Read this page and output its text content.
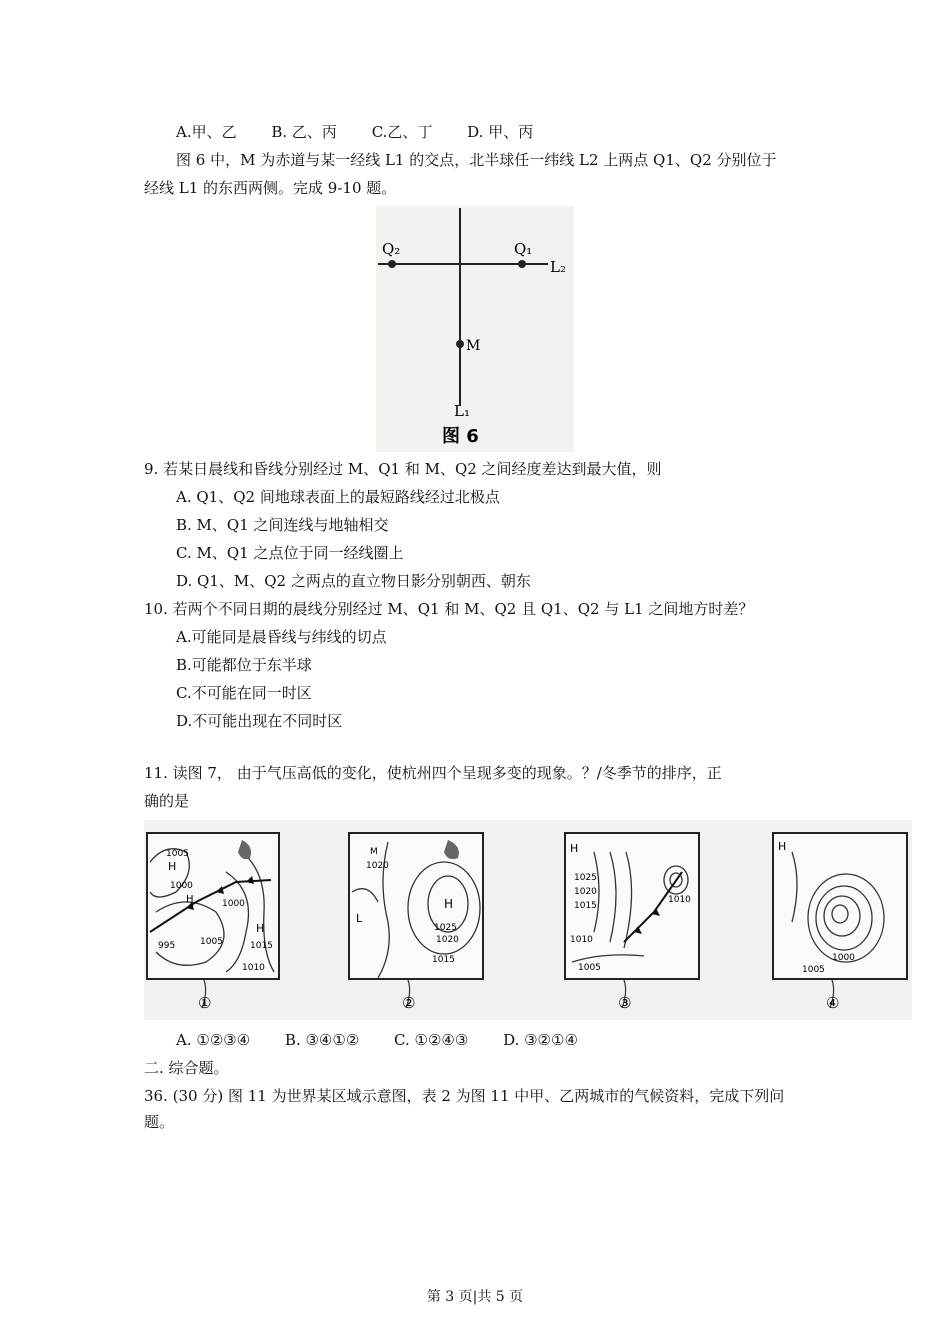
A.甲、乙　　 B. 乙、丙　　 C.乙、丁　　 D. 甲、丙
图 6 中，M 为赤道与某一经线 L1 的交点，北半球任一纬线 L2 上两点 Q1、Q2 分别位于
经线 L1 的东西两侧。完成 9-10 题。
Q₂	Q₁
L₂
M
L₁
图 6
9. 若某日晨线和昏线分别经过 M、Q1 和 M、Q2 之间经度差达到最大值，则
A. Q1、Q2 间地球表面上的最短路线经过北极点
B. M、Q1 之间连线与地轴相交
C. M、Q1 之点位于同一经线圈上
D. Q1、M、Q2 之两点的直立物日影分别朝西、朝东
10. 若两个不同日期的晨线分别经过 M、Q1 和 M、Q2 且 Q1、Q2 与 L1 之间地方时差？
A.可能同是晨昏线与纬线的切点
B.可能都位于东半球
C.不可能在同一时区
D.不可能出现在不同时区
11. 读图 7， 由于气压高低的变化，使杭州四个呈现多变的现象。？/冬季节的排序，正
确的是
1005
H
1000
H	1000
995	1005
H
1015
1010
①
M
1020
L
H
1025
1020
1015
②
H
1025
1020
1015
1010
1010
1005
③
H
1005
1000
④
A. ①②③④　　 B. ③④①②　　 C. ①②④③　　 D. ③②①④
二. 综合题。
36. (30 分) 图 11 为世界某区域示意图，表 2 为图 11 中甲、乙两城市的气候资料，完成下列问
题。
第 3 页|共 5 页
